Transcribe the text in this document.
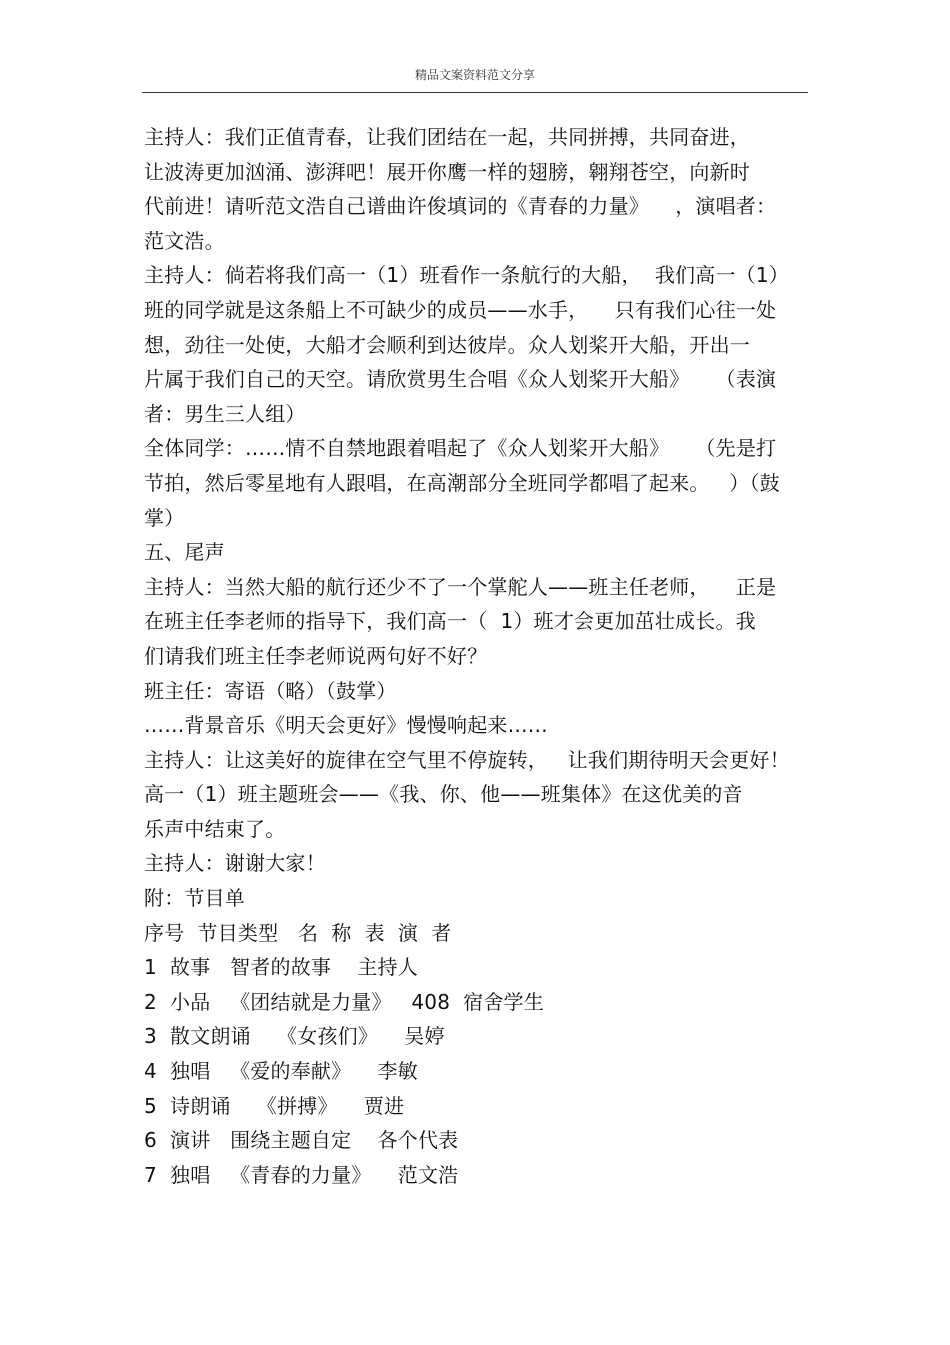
精品文案资料范文分享
主持人：我们正值青春，让我们团结在一起，共同拼搏，共同奋进，
让波涛更加汹涌、澎湃吧！展开你鹰一样的翅膀，翱翔苍空，向新时
代前进！请听范文浩自己谱曲许俊填词的《青春的力量》    ，演唱者：
范文浩。
主持人：倘若将我们高一（1）班看作一条航行的大船，  我们高一（1）
班的同学就是这条船上不可缺少的成员——水手，    只有我们心往一处
想，劲往一处使，大船才会顺利到达彼岸。众人划桨开大船，开出一
片属于我们自己的天空。请欣赏男生合唱《众人划桨开大船》    （表演
者：男生三人组）
全体同学：……情不自禁地跟着唱起了《众人划桨开大船》    （先是打
节拍，然后零星地有人跟唱，在高潮部分全班同学都唱了起来。   ）（鼓
掌）
五、尾声
主持人：当然大船的航行还少不了一个掌舵人——班主任老师，    正是
在班主任李老师的指导下，我们高一（  1）班才会更加茁壮成长。我
们请我们班主任李老师说两句好不好？
班主任：寄语（略）（鼓掌）
……背景音乐《明天会更好》慢慢响起来……
主持人：让这美好的旋律在空气里不停旋转，   让我们期待明天会更好！
高一（1）班主题班会——《我、你、他——班集体》在这优美的音
乐声中结束了。
主持人：谢谢大家！
附：节目单
序号  节目类型   名  称  表  演  者
1  故事   智者的故事    主持人
2  小品   《团结就是力量》   408  宿舍学生
3  散文朗诵    《女孩们》    吴婷
4  独唱   《爱的奉献》    李敏
5  诗朗诵    《拼搏》    贾进
6  演讲   围绕主题自定    各个代表
7  独唱   《青春的力量》    范文浩
